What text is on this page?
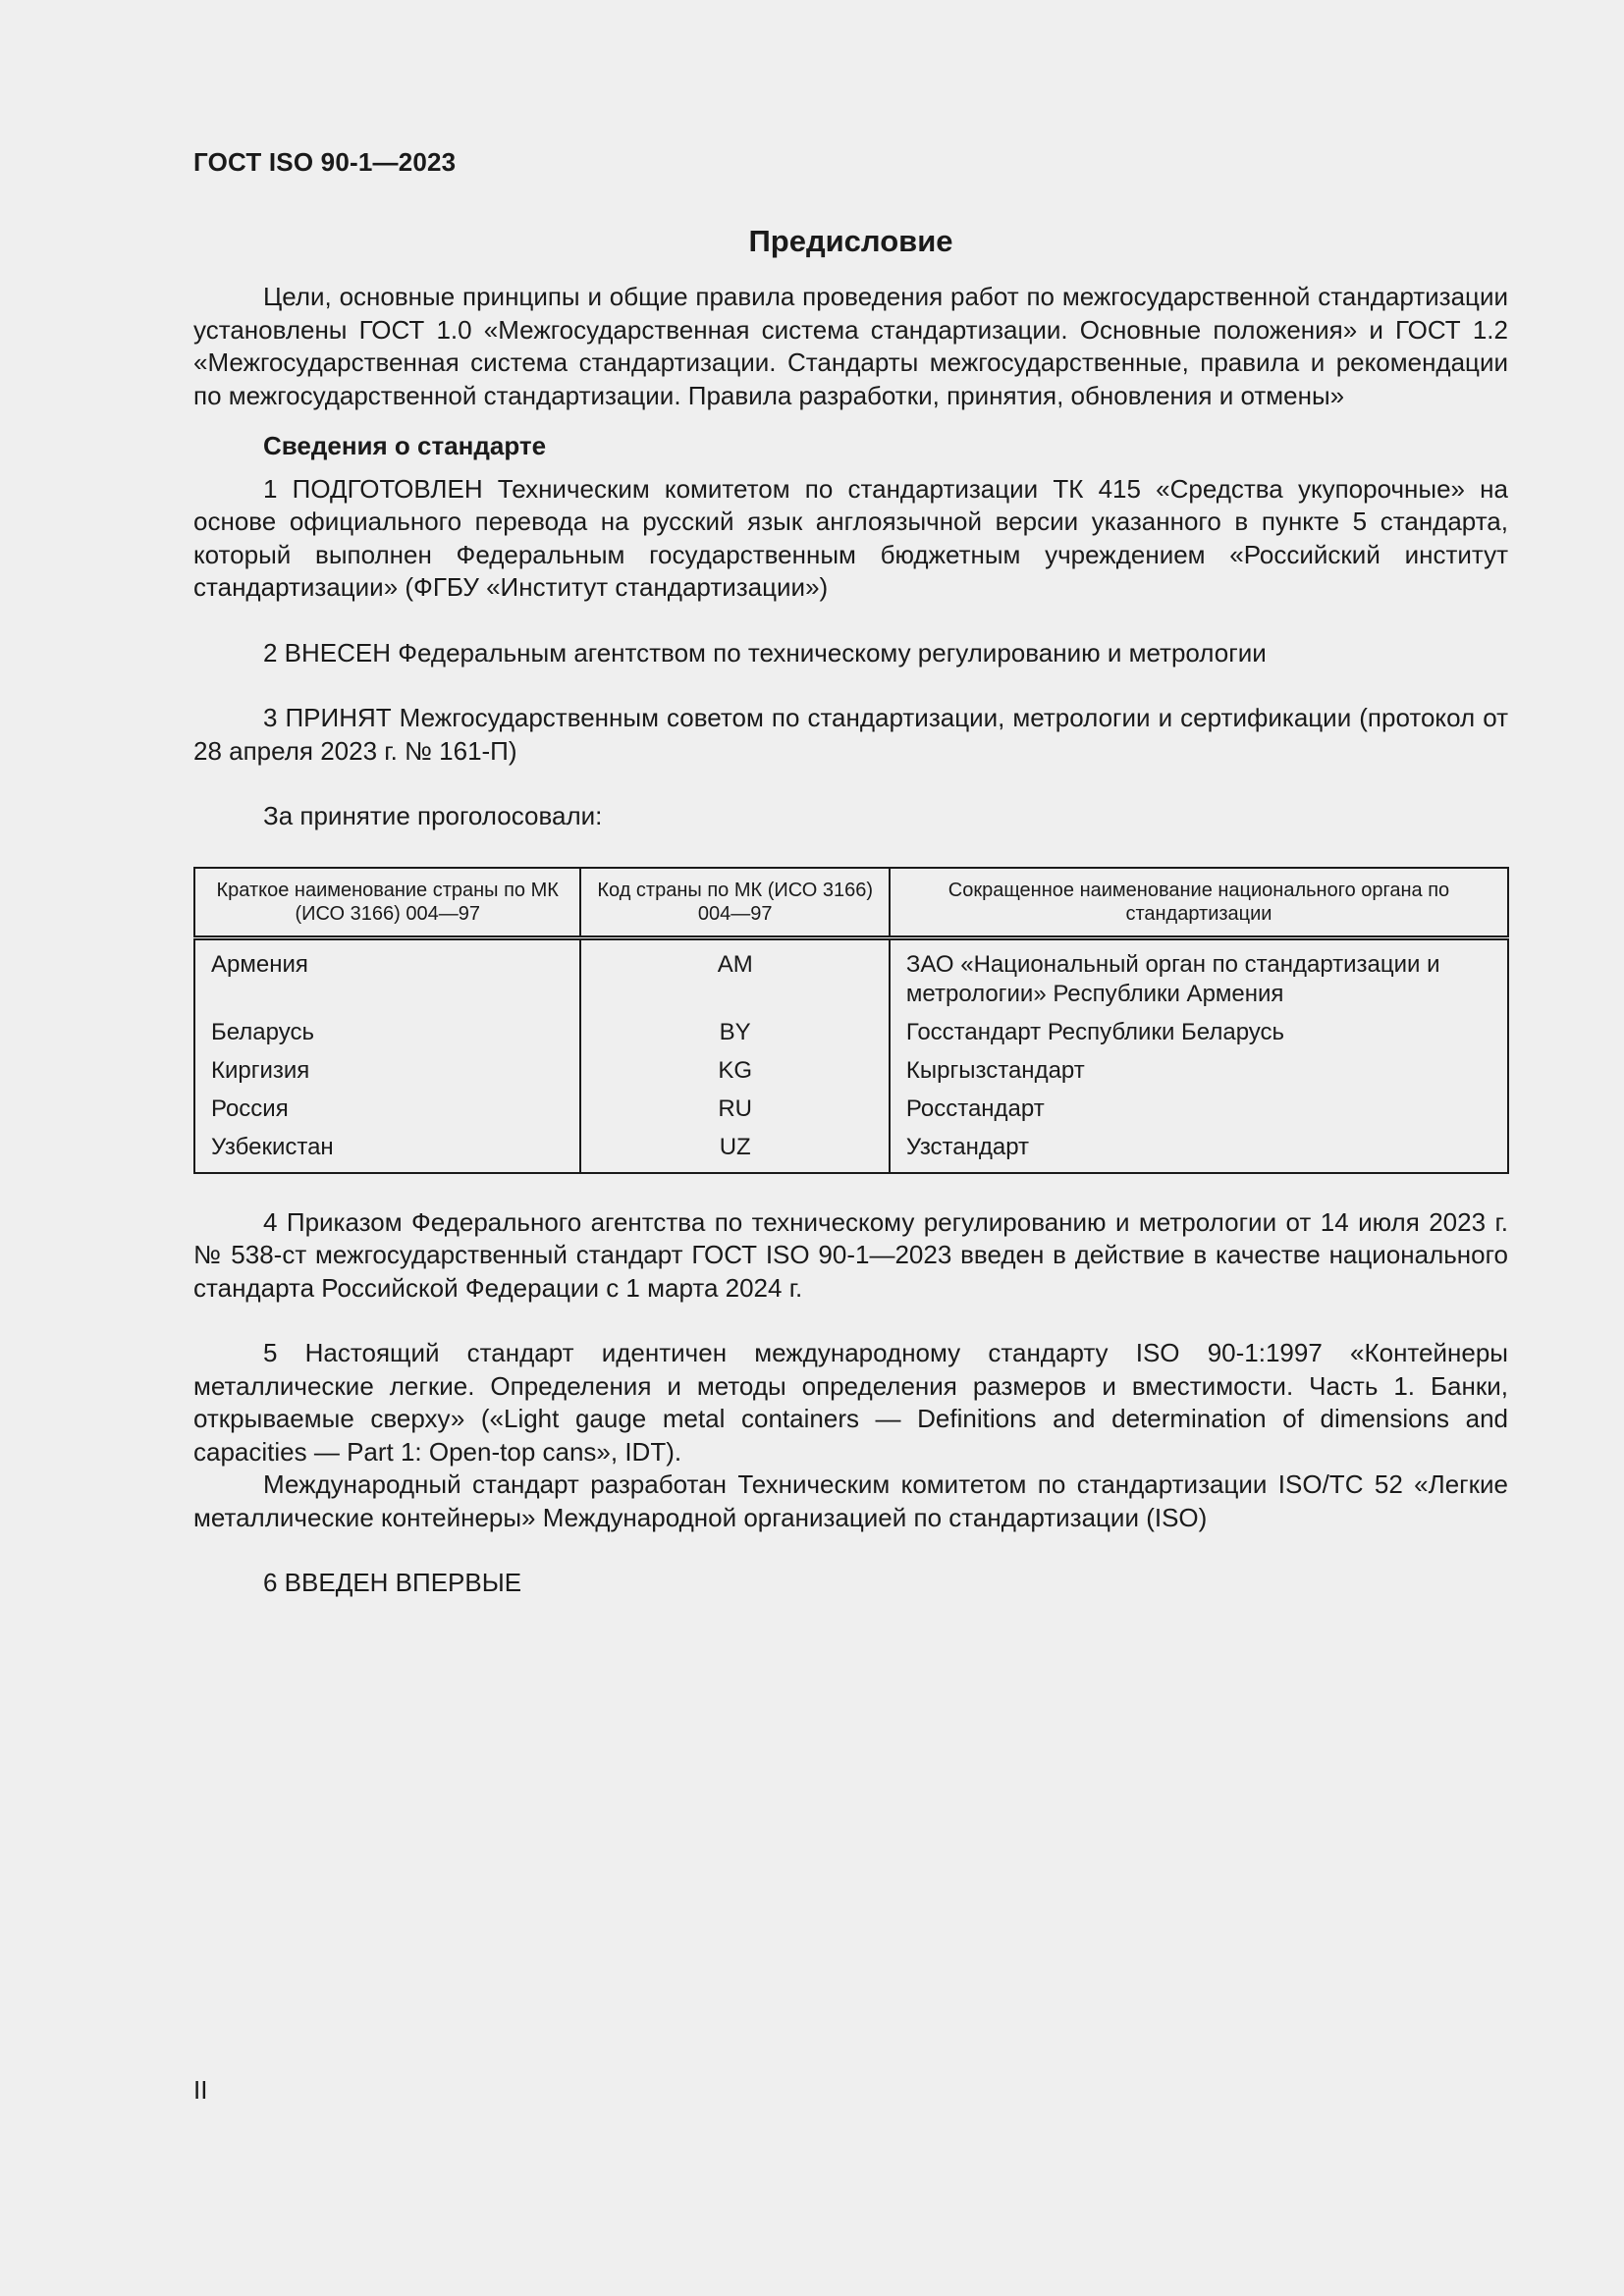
ГОСТ ISO 90-1—2023
Предисловие

Цели, основные принципы и общие правила проведения работ по межгосударственной стандартизации установлены ГОСТ 1.0 «Межгосударственная система стандартизации. Основные положения» и ГОСТ 1.2 «Межгосударственная система стандартизации. Стандарты межгосударственные, правила и рекомендации по межгосударственной стандартизации. Правила разработки, принятия, обновления и отмены»

Сведения о стандарте

1 ПОДГОТОВЛЕН Техническим комитетом по стандартизации ТК 415 «Средства укупорочные» на основе официального перевода на русский язык англоязычной версии указанного в пункте 5 стандарта, который выполнен Федеральным государственным бюджетным учреждением «Российский институт стандартизации» (ФГБУ «Институт стандартизации»)

2 ВНЕСЕН Федеральным агентством по техническому регулированию и метрологии

3 ПРИНЯТ Межгосударственным советом по стандартизации, метрологии и сертификации (протокол от 28 апреля 2023 г. № 161-П)

За принятие проголосовали:

Краткое наименование страны по МК (ИСО 3166) 004—97	Код страны по МК (ИСО 3166) 004—97	Сокращенное наименование национального органа по стандартизации
Армения	AM	ЗАО «Национальный орган по стандартизации и метрологии» Республики Армения
Беларусь	BY	Госстандарт Республики Беларусь
Киргизия	KG	Кыргызстандарт
Россия	RU	Росстандарт
Узбекистан	UZ	Узстандарт

4 Приказом Федерального агентства по техническому регулированию и метрологии от 14 июля 2023 г. № 538-ст межгосударственный стандарт ГОСТ ISO 90-1—2023 введен в действие в качестве национального стандарта Российской Федерации с 1 марта 2024 г.

5 Настоящий стандарт идентичен международному стандарту ISO 90-1:1997 «Контейнеры металлические легкие. Определения и методы определения размеров и вместимости. Часть 1. Банки, открываемые сверху» («Light gauge metal containers — Definitions and determination of dimensions and capacities — Part 1: Open-top cans», IDT).

Международный стандарт разработан Техническим комитетом по стандартизации ISO/TC 52 «Легкие металлические контейнеры» Международной организацией по стандартизации (ISO)

6 ВВЕДЕН ВПЕРВЫЕ

II
